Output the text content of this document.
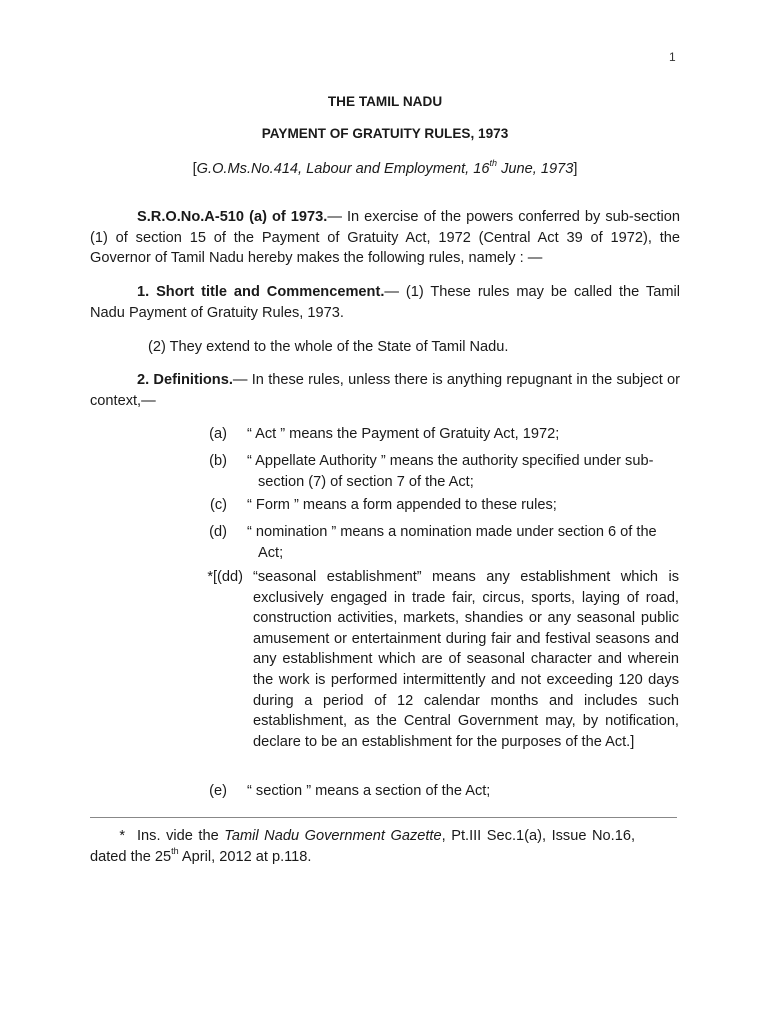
1
THE TAMIL NADU
PAYMENT OF GRATUITY RULES, 1973
[G.O.Ms.No.414, Labour and Employment, 16th June, 1973]
S.R.O.No.A-510 (a) of 1973.— In exercise of the powers conferred by sub-section (1) of section 15 of the Payment of Gratuity Act, 1972 (Central Act 39 of 1972), the Governor of Tamil Nadu hereby makes the following rules, namely : —
1. Short title and Commencement.— (1) These rules may be called the Tamil Nadu Payment of Gratuity Rules, 1973.
(2) They extend to the whole of the State of Tamil Nadu.
2. Definitions.— In these rules, unless there is anything repugnant in the subject or context,—
(a) “ Act ” means the Payment of Gratuity Act, 1972;
(b) “ Appellate Authority ” means the authority specified under sub-section (7) of section 7 of the Act;
(c) “ Form ” means a form appended to these rules;
(d) “ nomination ” means a nomination made under section 6 of the Act;
*[(dd) “seasonal establishment” means any establishment which is exclusively engaged in trade fair, circus, sports, laying of road, construction activities, markets, shandies or any seasonal public amusement or entertainment during fair and festival seasons and any establishment which are of seasonal character and wherein the work is performed intermittently and not exceeding 120 days during a period of 12 calendar months and includes such establishment, as the Central Government may, by notification, declare to be an establishment for the purposes of the Act.]
(e) “ section ” means a section of the Act;
* Ins. vide the Tamil Nadu Government Gazette, Pt.III Sec.1(a), Issue No.16, dated the 25th April, 2012 at p.118.
